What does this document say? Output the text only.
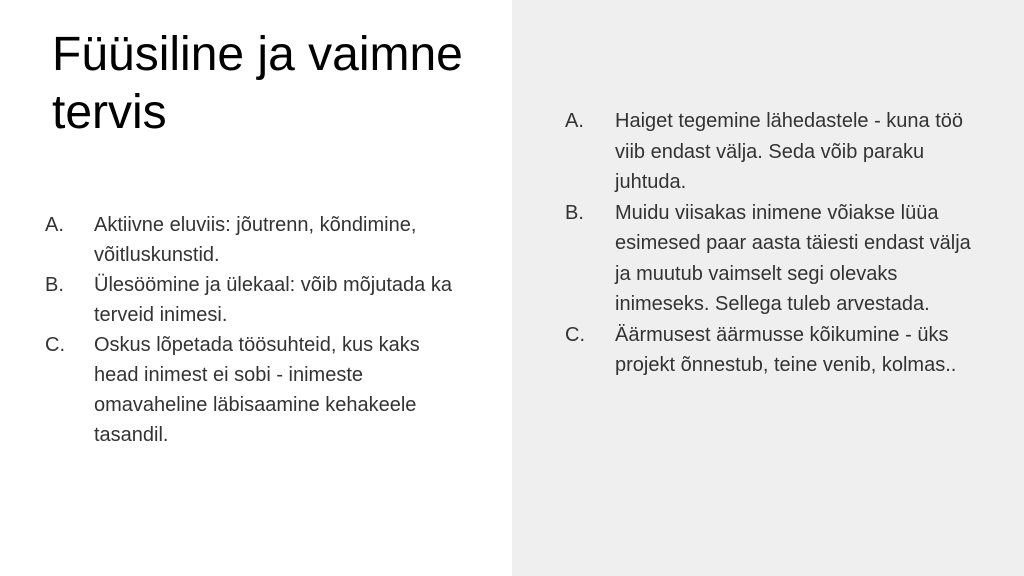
Füüsiline ja vaimne tervis
A.	Aktiivne eluviis: jõutrenn, kõndimine, võitluskunstid.
B.	Ülesöömine ja ülekaal: võib mõjutada ka terveid inimesi.
C.	Oskus lõpetada töösuhteid, kus kaks head inimest ei sobi - inimeste omavaheline läbisaamine kehakeele tasandil.
A.	Haiget tegemine lähedastele - kuna töö viib endast välja. Seda võib paraku juhtuda.
B.	Muidu viisakas inimene võiakse lüüa esimesed paar aasta täiesti endast välja ja muutub vaimselt segi olevaks inimeseks. Sellega tuleb arvestada.
C.	Äärmusest äärmusse kõikumine - üks projekt õnnestub, teine venib, kolmas..
